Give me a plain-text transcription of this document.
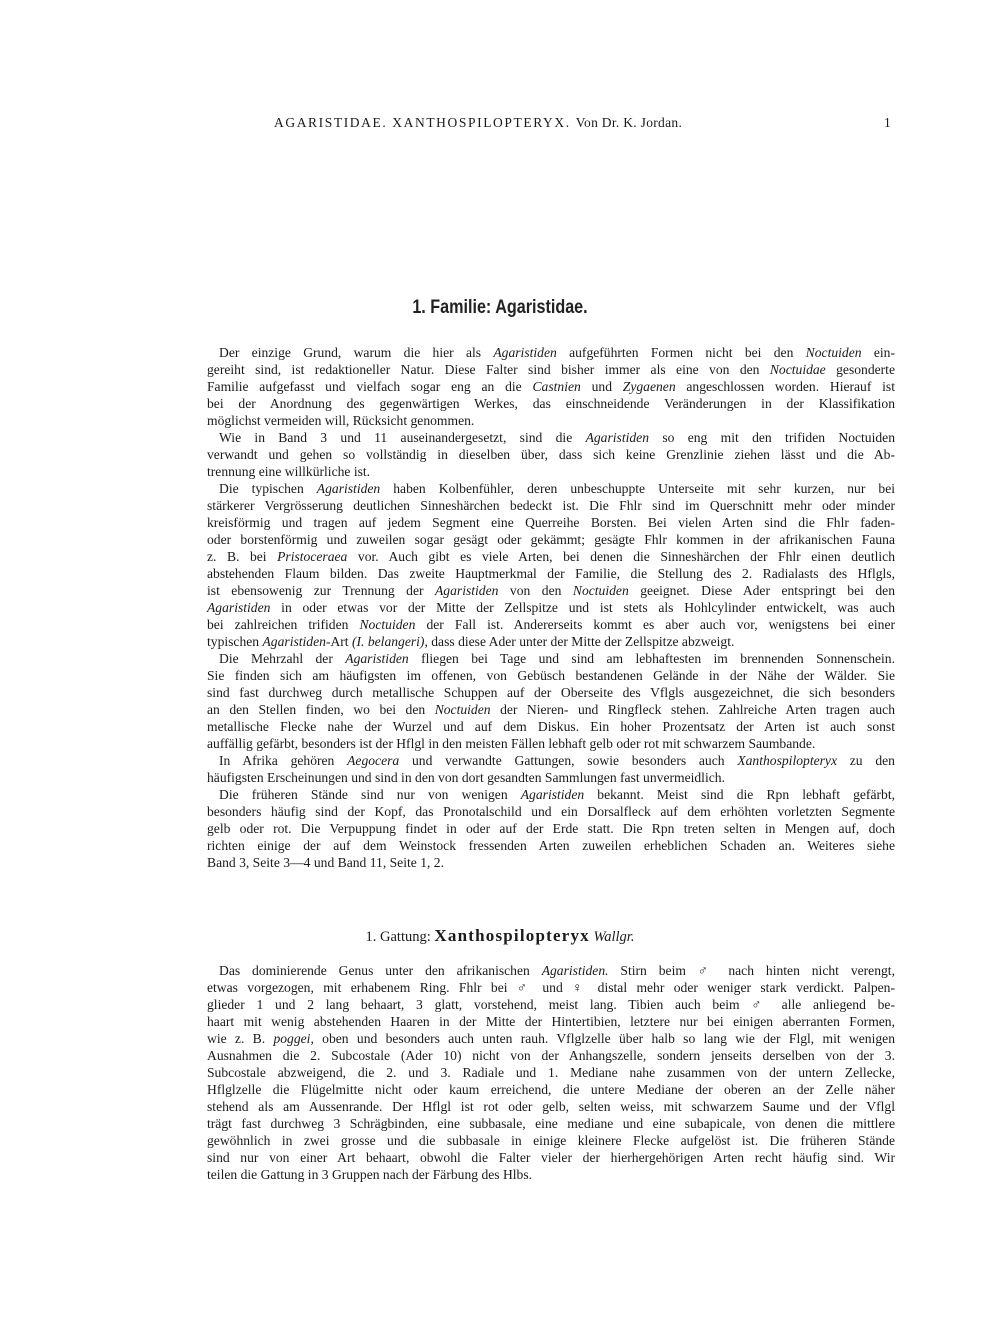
AGARISTIDAE. XANTHOSPILOPTERYX. Von Dr. K. Jordan.	1
1. Familie: Agaristidae.
Der einzige Grund, warum die hier als Agaristiden aufgeführten Formen nicht bei den Noctuiden ein-
gereiht sind, ist redaktioneller Natur. Diese Falter sind bisher immer als eine von den Noctuidae gesonderte
Familie aufgefasst und vielfach sogar eng an die Castnien und Zygaenen angeschlossen worden. Hierauf ist
bei der Anordnung des gegenwärtigen Werkes, das einschneidende Veränderungen in der Klassifikation
möglichst vermeiden will, Rücksicht genommen.
Wie in Band 3 und 11 auseinandergesetzt, sind die Agaristiden so eng mit den trifiden Noctuiden
verwandt und gehen so vollständig in dieselben über, dass sich keine Grenzlinie ziehen lässt und die Ab-
trennung eine willkürliche ist.
Die typischen Agaristiden haben Kolbenfühler, deren unbeschuppte Unterseite mit sehr kurzen, nur bei
stärkerer Vergrösserung deutlichen Sinneshärchen bedeckt ist. Die Fhlr sind im Querschnitt mehr oder minder
kreisförmig und tragen auf jedem Segment eine Querreihe Borsten. Bei vielen Arten sind die Fhlr faden-
oder borstenförmig und zuweilen sogar gesägt oder gekämmt; gesägte Fhlr kommen in der afrikanischen Fauna
z. B. bei Pristoceraea vor. Auch gibt es viele Arten, bei denen die Sinneshärchen der Fhlr einen deutlich
abstehenden Flaum bilden. Das zweite Hauptmerkmal der Familie, die Stellung des 2. Radialasts des Hflgls,
ist ebensowenig zur Trennung der Agaristiden von den Noctuiden geeignet. Diese Ader entspringt bei den
Agaristiden in oder etwas vor der Mitte der Zellspitze und ist stets als Hohlcylinder entwickelt, was auch
bei zahlreichen trifiden Noctuiden der Fall ist. Andererseits kommt es aber auch vor, wenigstens bei einer
typischen Agaristiden-Art (I. belangeri), dass diese Ader unter der Mitte der Zellspitze abzweigt.
Die Mehrzahl der Agaristiden fliegen bei Tage und sind am lebhaftesten im brennenden Sonnenschein.
Sie finden sich am häufigsten im offenen, von Gebüsch bestandenen Gelände in der Nähe der Wälder. Sie
sind fast durchweg durch metallische Schuppen auf der Oberseite des Vflgls ausgezeichnet, die sich besonders
an den Stellen finden, wo bei den Noctuiden der Nieren- und Ringfleck stehen. Zahlreiche Arten tragen auch
metallische Flecke nahe der Wurzel und auf dem Diskus. Ein hoher Prozentsatz der Arten ist auch sonst
auffällig gefärbt, besonders ist der Hflgl in den meisten Fällen lebhaft gelb oder rot mit schwarzem Saumbande.
In Afrika gehören Aegocera und verwandte Gattungen, sowie besonders auch Xanthospilopteryx zu den
häufigsten Erscheinungen und sind in den von dort gesandten Sammlungen fast unvermeidlich.
Die früheren Stände sind nur von wenigen Agaristiden bekannt. Meist sind die Rpn lebhaft gefärbt,
besonders häufig sind der Kopf, das Pronotalschild und ein Dorsalfleck auf dem erhöhten vorletzten Segmente
gelb oder rot. Die Verpuppung findet in oder auf der Erde statt. Die Rpn treten selten in Mengen auf, doch
richten einige der auf dem Weinstock fressenden Arten zuweilen erheblichen Schaden an. Weiteres siehe
Band 3, Seite 3—4 und Band 11, Seite 1, 2.
1. Gattung: Xanthospilopteryx Wallgr.
Das dominierende Genus unter den afrikanischen Agaristiden. Stirn beim ♂ nach hinten nicht verengt,
etwas vorgezogen, mit erhabenem Ring. Fhlr bei ♂ und ♀ distal mehr oder weniger stark verdickt. Palpen-
glieder 1 und 2 lang behaart, 3 glatt, vorstehend, meist lang. Tibien auch beim ♂ alle anliegend be-
haart mit wenig abstehenden Haaren in der Mitte der Hintertibien, letztere nur bei einigen aberranten Formen,
wie z. B. poggei, oben und besonders auch unten rauh. Vflglzelle über halb so lang wie der Flgl, mit wenigen
Ausnahmen die 2. Subcostale (Ader 10) nicht von der Anhangszelle, sondern jenseits derselben von der 3.
Subcostale abzweigend, die 2. und 3. Radiale und 1. Mediane nahe zusammen von der untern Zellecke,
Hflglzelle die Flügelmitte nicht oder kaum erreichend, die untere Mediane der oberen an der Zelle näher
stehend als am Aussenrande. Der Hflgl ist rot oder gelb, selten weiss, mit schwarzem Saume und der Vflgl
trägt fast durchweg 3 Schrägbinden, eine subbasale, eine mediane und eine subapicale, von denen die mittlere
gewöhnlich in zwei grosse und die subbasale in einige kleinere Flecke aufgelöst ist. Die früheren Stände
sind nur von einer Art behaart, obwohl die Falter vieler der hierhergehörigen Arten recht häufig sind. Wir
teilen die Gattung in 3 Gruppen nach der Färbung des Hlbs.
